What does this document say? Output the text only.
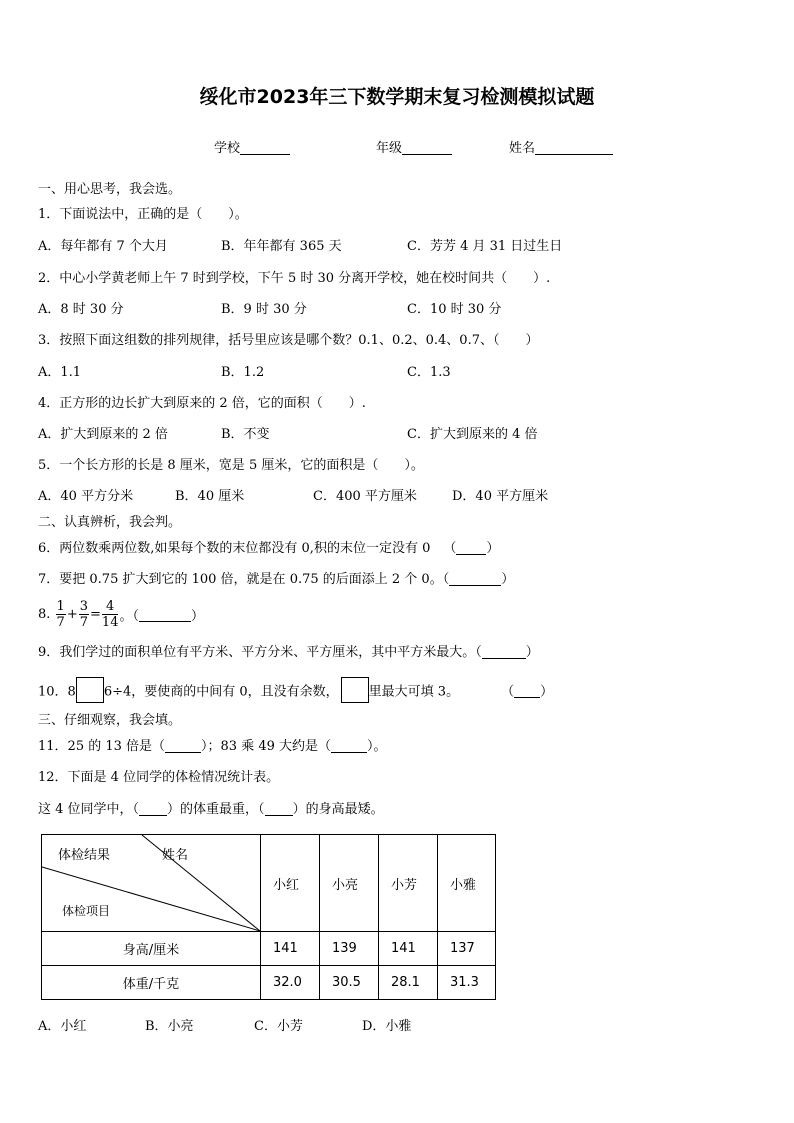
绥化市2023年三下数学期末复习检测模拟试题
学校	年级	姓名
一、用心思考，我会选。
1．下面说法中，正确的是（　　）。
A．每年都有 7 个大月	B．年年都有 365 天	C．芳芳 4 月 31 日过生日
2．中心小学黄老师上午 7 时到学校，下午 5 时 30 分离开学校，她在校时间共（　　）.
A．8 时 30 分	B．9 时 30 分	C．10 时 30 分
3．按照下面这组数的排列规律，括号里应该是哪个数？0.1、0.2、0.4、0.7、（　　）
A．1.1	B．1.2	C．1.3
4．正方形的边长扩大到原来的 2 倍，它的面积（　　）.
A．扩大到原来的 2 倍	B．不变	C．扩大到原来的 4 倍
5．一个长方形的长是 8 厘米，宽是 5 厘米，它的面积是（　　）。
A．40 平方分米	B．40 厘米	C．400 平方厘米	D．40 平方厘米
二、认真辨析，我会判。
6．两位数乘两位数,如果每个数的末位都没有 0,积的末位一定没有 0  （ ）
7．要把 0.75 扩大到它的 100 倍，就是在 0.75 的后面添上 2 个 0。（	）
8. $\frac{1}{7} + \frac{3}{7} = \frac{4}{14}$ 。（	）
9．我们学过的面积单位有平方米、平方分米、平方厘米，其中平方米最大。（	）
10．8 6÷4，要使商的中间有 0，且没有余数， 里最大可填 3。	（ ）
三、仔细观察，我会填。
11．25 的 13 倍是（	）；83 乘 49 大约是（	）。
12．下面是 4 位同学的体检情况统计表。
这 4 位同学中，（ ）的体重最重，（ ）的身高最矮。
体检结果 姓名
体检项目	小红	小亮	小芳	小雅
身高/厘米	141	139	141	137
体重/千克	32.0	30.5	28.1	31.3
A．小红	B．小亮	C．小芳	D．小雅
